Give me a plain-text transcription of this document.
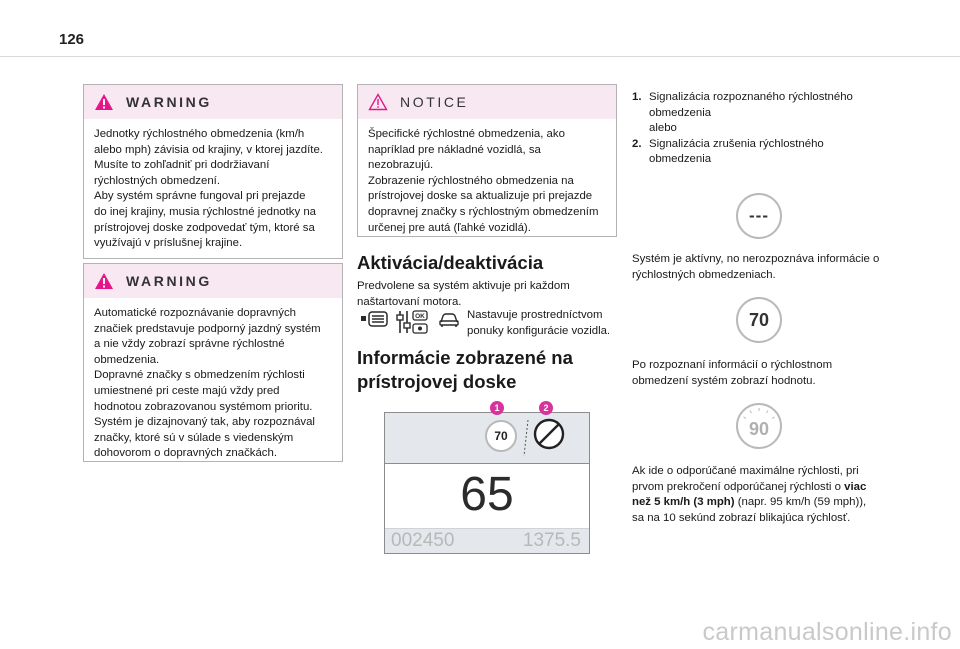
126
WARNING

Jednotky rýchlostného obmedzenia (km/h

alebo mph) závisia od krajiny, v ktorej jazdíte.

Musíte to zohľadniť pri dodržiavaní

rýchlostných obmedzení.

Aby systém správne fungoval pri prejazde

do inej krajiny, musia rýchlostné jednotky na

prístrojovej doske zodpovedať tým, ktoré sa

využívajú v príslušnej krajine.

WARNING

Automatické rozpoznávanie dopravných

značiek predstavuje podporný jazdný systém

a nie vždy zobrazí správne rýchlostné

obmedzenia.

Dopravné značky s obmedzením rýchlosti

umiestnené pri ceste majú vždy pred

hodnotou zobrazovanou systémom prioritu.

Systém je dizajnovaný tak, aby rozpoznával

značky, ktoré sú v súlade s viedenským

dohovorom o dopravných značkách.

NOTICE

Špecifické rýchlostné obmedzenia, ako

napríklad pre nákladné vozidlá, sa

nezobrazujú.

Zobrazenie rýchlostného obmedzenia na

prístrojovej doske sa aktualizuje pri prejazde

dopravnej značky s rýchlostným obmedzením

určenej pre autá (ľahké vozidlá).

Aktivácia/deaktivácia
Predvolene sa systém aktivuje pri každom
naštartovaní motora.
OK	Nastavuje prostredníctvom
ponuky konfigurácie vozidla.
Informácie zobrazené na
prístrojovej doske
70
65
002450	1375.5
1	2
1. Signalizácia rozpoznaného rýchlostného
obmedzenia
alebo
2. Signalizácia zrušenia rýchlostného
obmedzenia
---
Systém je aktívny, no nerozpoznáva informácie o
rýchlostných obmedzeniach.
70
Po rozpoznaní informácií o rýchlostnom
obmedzení systém zobrazí hodnotu.
90
Ak ide o odporúčané maximálne rýchlosti, pri
prvom prekročení odporúčanej rýchlosti o viac
než 5 km/h (3 mph) (napr. 95 km/h (59 mph)),
sa na 10 sekúnd zobrazí blikajúca rýchlosť.
carmanualsonline.info
